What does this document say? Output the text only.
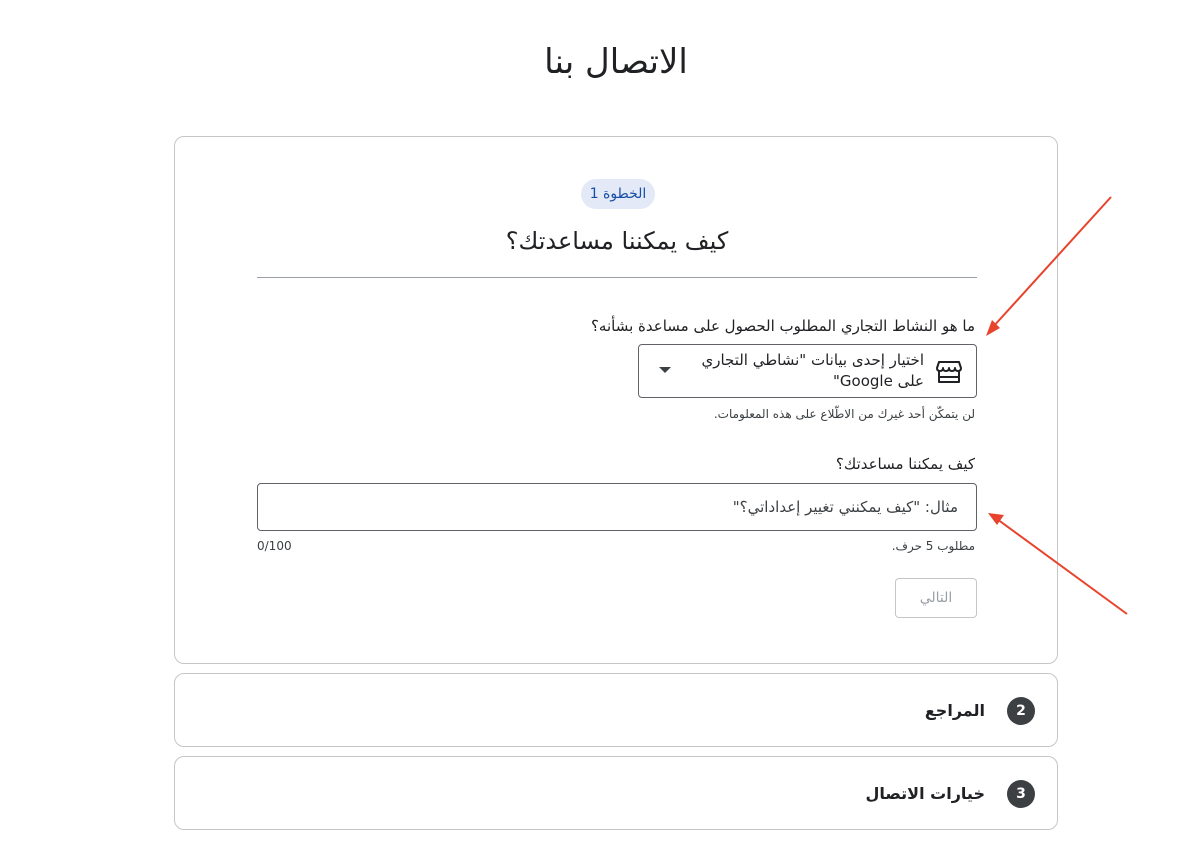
الاتصال بنا
الخطوة 1
كيف يمكننا مساعدتك؟
ما هو النشاط التجاري المطلوب الحصول على مساعدة بشأنه؟
اختيار إحدى بيانات "نشاطي التجاري على Google"
لن يتمكّن أحد غيرك من الاطّلاع على هذه المعلومات.
كيف يمكننا مساعدتك؟
مثال: "كيف يمكنني تغيير إعداداتي؟"
مطلوب 5 حرف.
0/100
التالي
2
المراجع
3
خيارات الاتصال
